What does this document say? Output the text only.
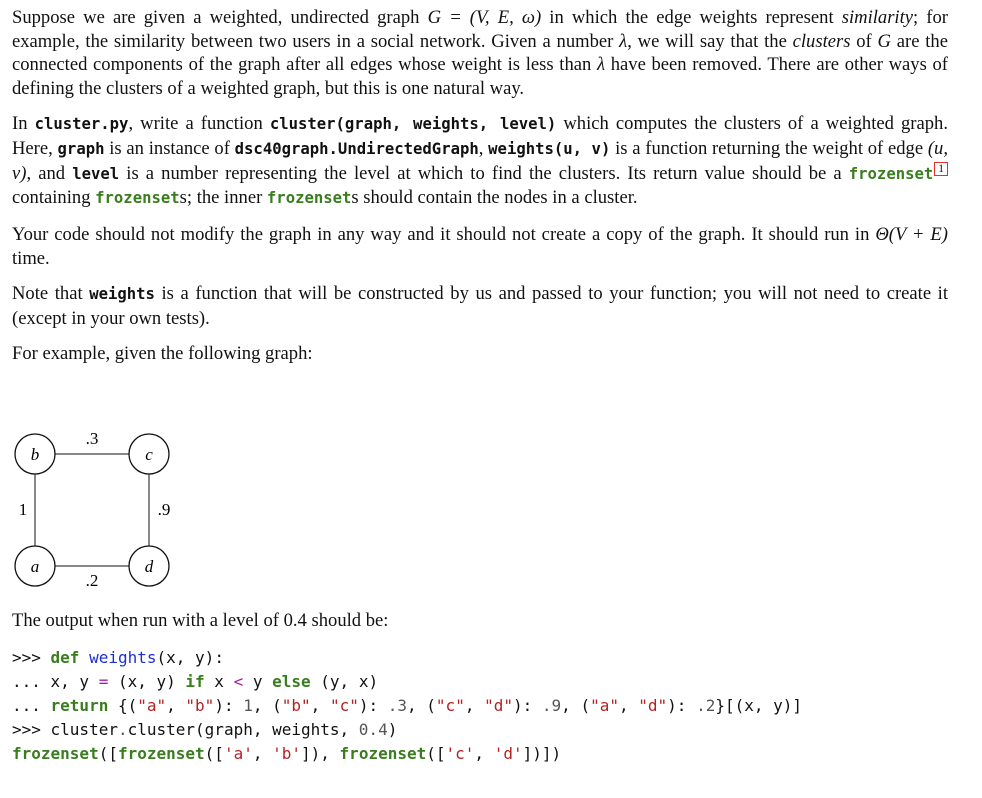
Suppose we are given a weighted, undirected graph G = (V, E, ω) in which the edge weights represent similarity; for example, the similarity between two users in a social network. Given a number λ, we will say that the clusters of G are the connected components of the graph after all edges whose weight is less than λ have been removed. There are other ways of defining the clusters of a weighted graph, but this is one natural way.

In cluster.py, write a function cluster(graph, weights, level) which computes the clusters of a weighted graph. Here, graph is an instance of dsc40graph.UndirectedGraph, weights(u, v) is a function returning the weight of edge (u, v), and level is a number representing the level at which to find the clusters. Its return value should be a frozenset 1 containing frozensets; the inner frozensets should contain the nodes in a cluster.

Your code should not modify the graph in any way and it should not create a copy of the graph. It should run in Θ(V + E) time.

Note that weights is a function that will be constructed by us and passed to your function; you will not need to create it (except in your own tests).

For example, given the following graph:

b	c
a	d
.3
1	.9
.2

The output when run with a level of 0.4 should be:

>>> def weights(x, y):
... x, y = (x, y) if x < y else (y, x)
... return {("a", "b"): 1, ("b", "c"): .3, ("c", "d"): .9, ("a", "d"): .2}[(x, y)]
>>> cluster.cluster(graph, weights, 0.4)
frozenset([frozenset(['a', 'b']), frozenset(['c', 'd'])])
